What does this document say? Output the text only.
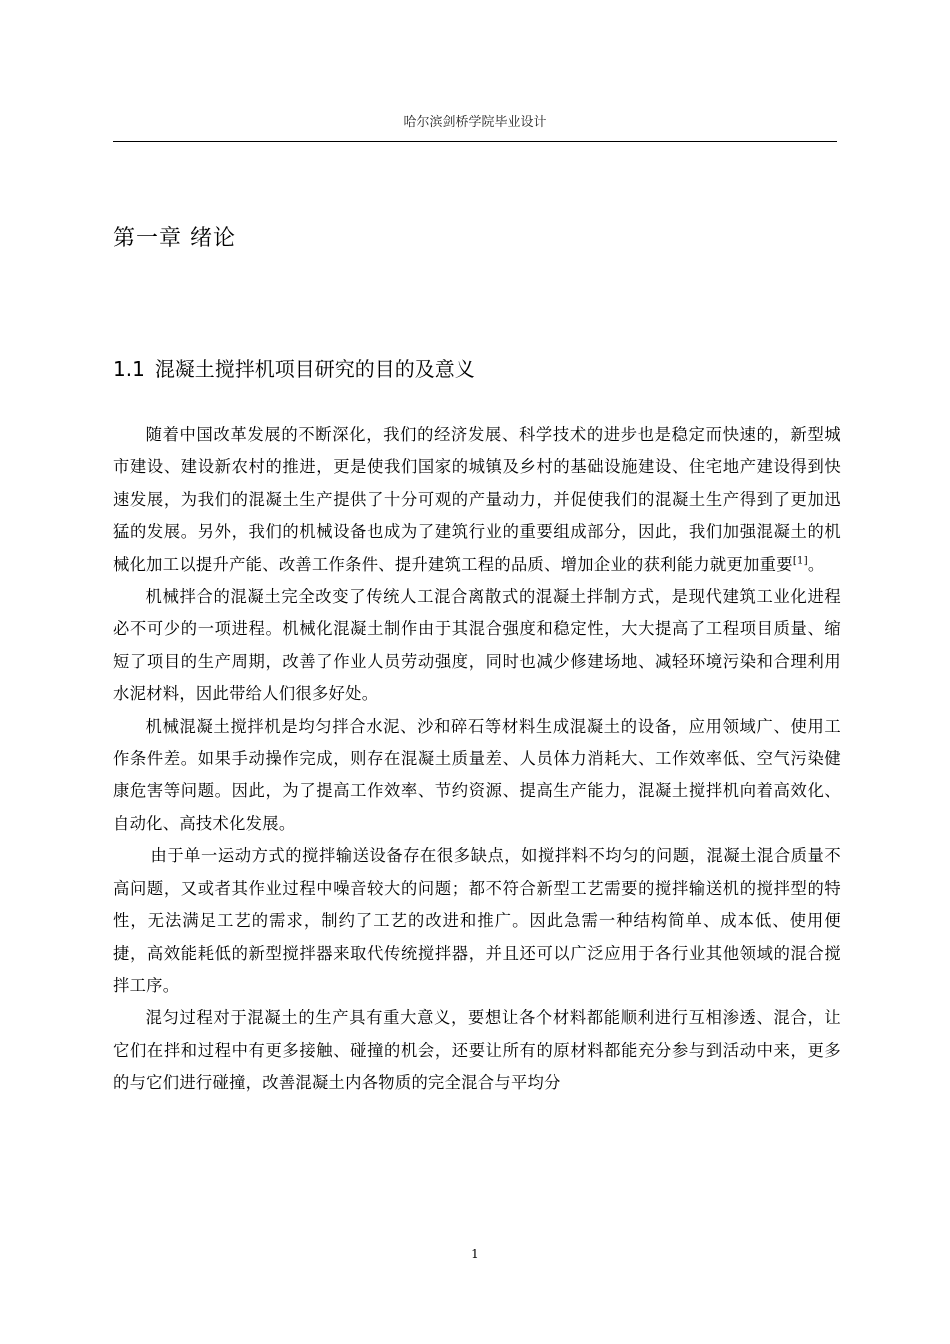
哈尔滨剑桥学院毕业设计
第一章 绪论
1.1 混凝土搅拌机项目研究的目的及意义

随着中国改革发展的不断深化，我们的经济发展、科学技术的进步也是稳定而快速的，新型城市建设、建设新农村的推进，更是使我们国家的城镇及乡村的基础设施建设、住宅地产建设得到快速发展，为我们的混凝土生产提供了十分可观的产量动力，并促使我们的混凝土生产得到了更加迅猛的发展。另外，我们的机械设备也成为了建筑行业的重要组成部分，因此，我们加强混凝土的机械化加工以提升产能、改善工作条件、提升建筑工程的品质、增加企业的获利能力就更加重要[1]。

机械拌合的混凝土完全改变了传统人工混合离散式的混凝土拌制方式，是现代建筑工业化进程必不可少的一项进程。机械化混凝土制作由于其混合强度和稳定性，大大提高了工程项目质量、缩短了项目的生产周期，改善了作业人员劳动强度，同时也减少修建场地、减轻环境污染和合理利用水泥材料，因此带给人们很多好处。

机械混凝土搅拌机是均匀拌合水泥、沙和碎石等材料生成混凝土的设备，应用领域广、使用工作条件差。如果手动操作完成，则存在混凝土质量差、人员体力消耗大、工作效率低、空气污染健康危害等问题。因此，为了提高工作效率、节约资源、提高生产能力，混凝土搅拌机向着高效化、 自动化、高技术化发展。

由于单一运动方式的搅拌输送设备存在很多缺点，如搅拌料不均匀的问题，混凝土混合质量不高问题，又或者其作业过程中噪音较大的问题；都不符合新型工艺需要的搅拌输送机的搅拌型的特性，无法满足工艺的需求，制约了工艺的改进和推广。因此急需一种结构简单、成本低、使用便捷，高效能耗低的新型搅拌器来取代传统搅拌器，并且还可以广泛应用于各行业其他领域的混合搅拌工序。

混匀过程对于混凝土的生产具有重大意义，要想让各个材料都能顺利进行互相渗透、混合，让它们在拌和过程中有更多接触、碰撞的机会，还要让所有的原材料都能充分参与到活动中来，更多的与它们进行碰撞，改善混凝土内各物质的完全混合与平均分

1
